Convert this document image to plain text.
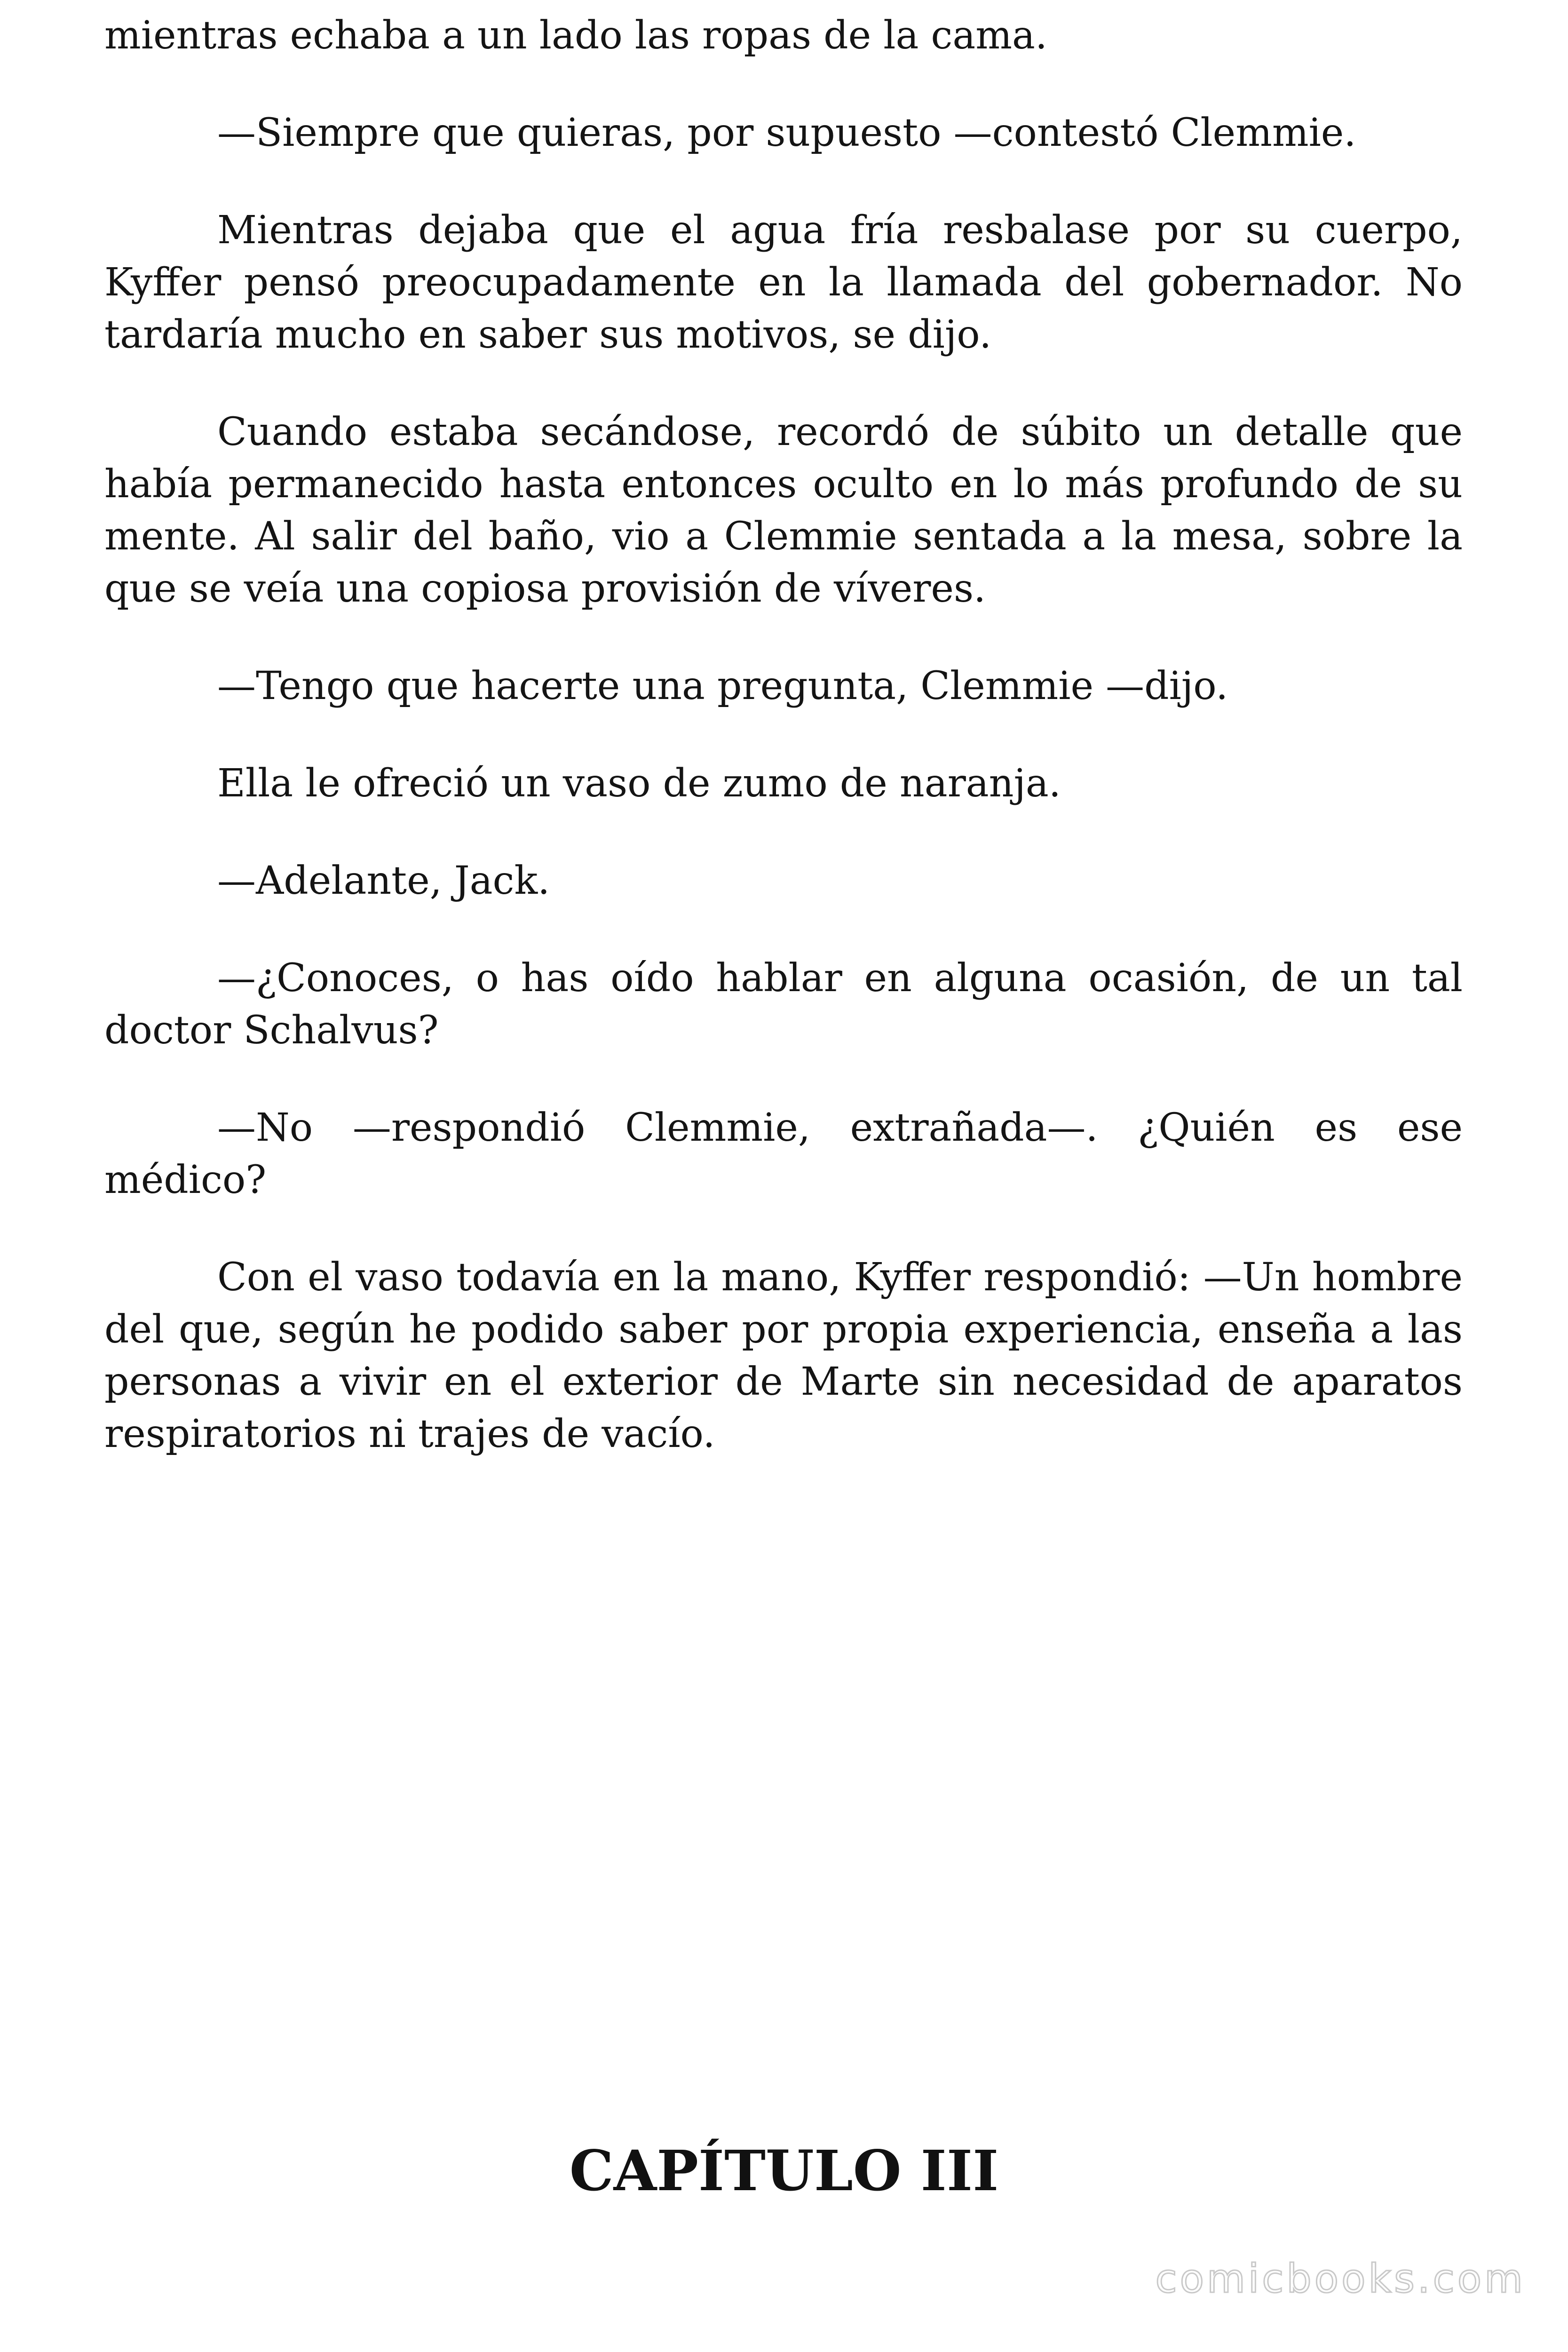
mientras echaba a un lado las ropas de la cama.

—Siempre que quieras, por supuesto —contestó Clemmie.

Mientras dejaba que el agua fría resbalase por su cuerpo, Kyffer pensó preocupadamente en la llamada del gobernador. No tardaría mucho en saber sus motivos, se dijo.

Cuando estaba secándose, recordó de súbito un detalle que había permanecido hasta entonces oculto en lo más profundo de su mente. Al salir del baño, vio a Clemmie sentada a la mesa, sobre la que se veía una copiosa provisión de víveres.

—Tengo que hacerte una pregunta, Clemmie —dijo.

Ella le ofreció un vaso de zumo de naranja.

—Adelante, Jack.

—¿Conoces, o has oído hablar en alguna ocasión, de un tal doctor Schalvus?

—No —respondió Clemmie, extrañada—. ¿Quién es ese médico?

Con el vaso todavía en la mano, Kyffer respondió: —Un hombre del que, según he podido saber por propia experiencia, enseña a las personas a vivir en el exterior de Marte sin necesidad de aparatos respiratorios ni trajes de vacío.

CAPÍTULO III
comicbooks.com
